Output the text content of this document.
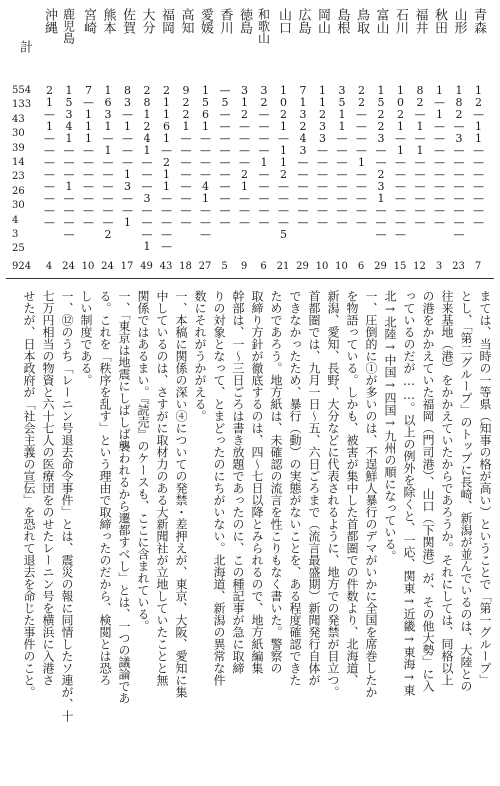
青森
12—11———————
7
山形
182—3————————
23
秋田
1—1—————————
3
福井
82—1—1——————
12
石川
1021—1———————
15
富山
15223——231———
29
鳥取
22————1—————
6
島根
3511————————
10
岡山
11233———————
10
広島
713243——————
29
山口
1021—112————5
21
和歌山
32————1—————
6
徳島
312————21———
9
香川
—5——————————
5
愛媛
1561————41———
27
高知
9221————————
18
福岡
21161—211—————
43
大分
281241———3———1
49
佐賀
83—1———13——1
17
熊本
1631—1——————2
24
宮崎
7—111———————
10
鹿児島
15341———1————
24
沖縄
21—1————————
4
計
554
133
43
30
39
14
23
26
30
4
3
25
924
まては、当時の一等県（知事の格が高い）ということで「第一グループ」
とし、「第二グループ」のトップに長崎、新潟が並んでいるのは、大陸との
往来基地（港）をかかえていたからであろうか。それにしては、同格以上
の港をかかえていた福岡（門司港）、山口（下関港）が、その他大勢」に入
っているのだが……。以上の例外を除くと、一応、関東→近畿→東海→東
北→北陸→中国→四国→九州の順になっている。
一、圧倒的に①が多いのは、不逞鮮人暴行のデマがいかに全国を席巻したか
を物語っている。しかも、被害が集中した首都圏での件数より、北海道、
新潟、愛知、長野、大分などに代表されるように、地方での発禁が目立つ。
首都圏では、九月一日〜五、六日ごろまで（流言最盛期）新聞発行自体が
できなかったため、暴行（動）の実態がないことを、ある程度確認できた
ためであろう。地方紙は、未確認の流言を性こりもなく書いた。警察の
取締り方針が徹底するのは、四〜七日以降とみられるので、地方紙編集
幹部は、一〜三日ごろは書き放題であったのに、この種記事が急に取締
りの対象となって、とまどったのにちがいない。北海道、新潟の異常な件
数にそれがうかがえる。
一、本稿に関係の深い④についての発禁・差押えが、東京、大阪、愛知に集
中しているのは、さすがに取材力のある大新聞社が立地していたことと無
関係ではあるまい。『読売』のケースも、ここに含まれている。
一、「東京は地震にしばしば襲われるから遷都すべし」とは、一つの議論であ
る。これを「秩序を乱す」という理由で取締ったのだから、検閲とは恐ろ
しい制度である。
一、⑫のうち「レーニン号退去命令事件」とは、震災の報に同情したソ連が、十
七万円相当の物資と六十七人の医療団をのせたレーニン号を横浜に入港さ
せたが、日本政府が「社会主義の宣伝」を恐れて退去を命じた事件のこと。
